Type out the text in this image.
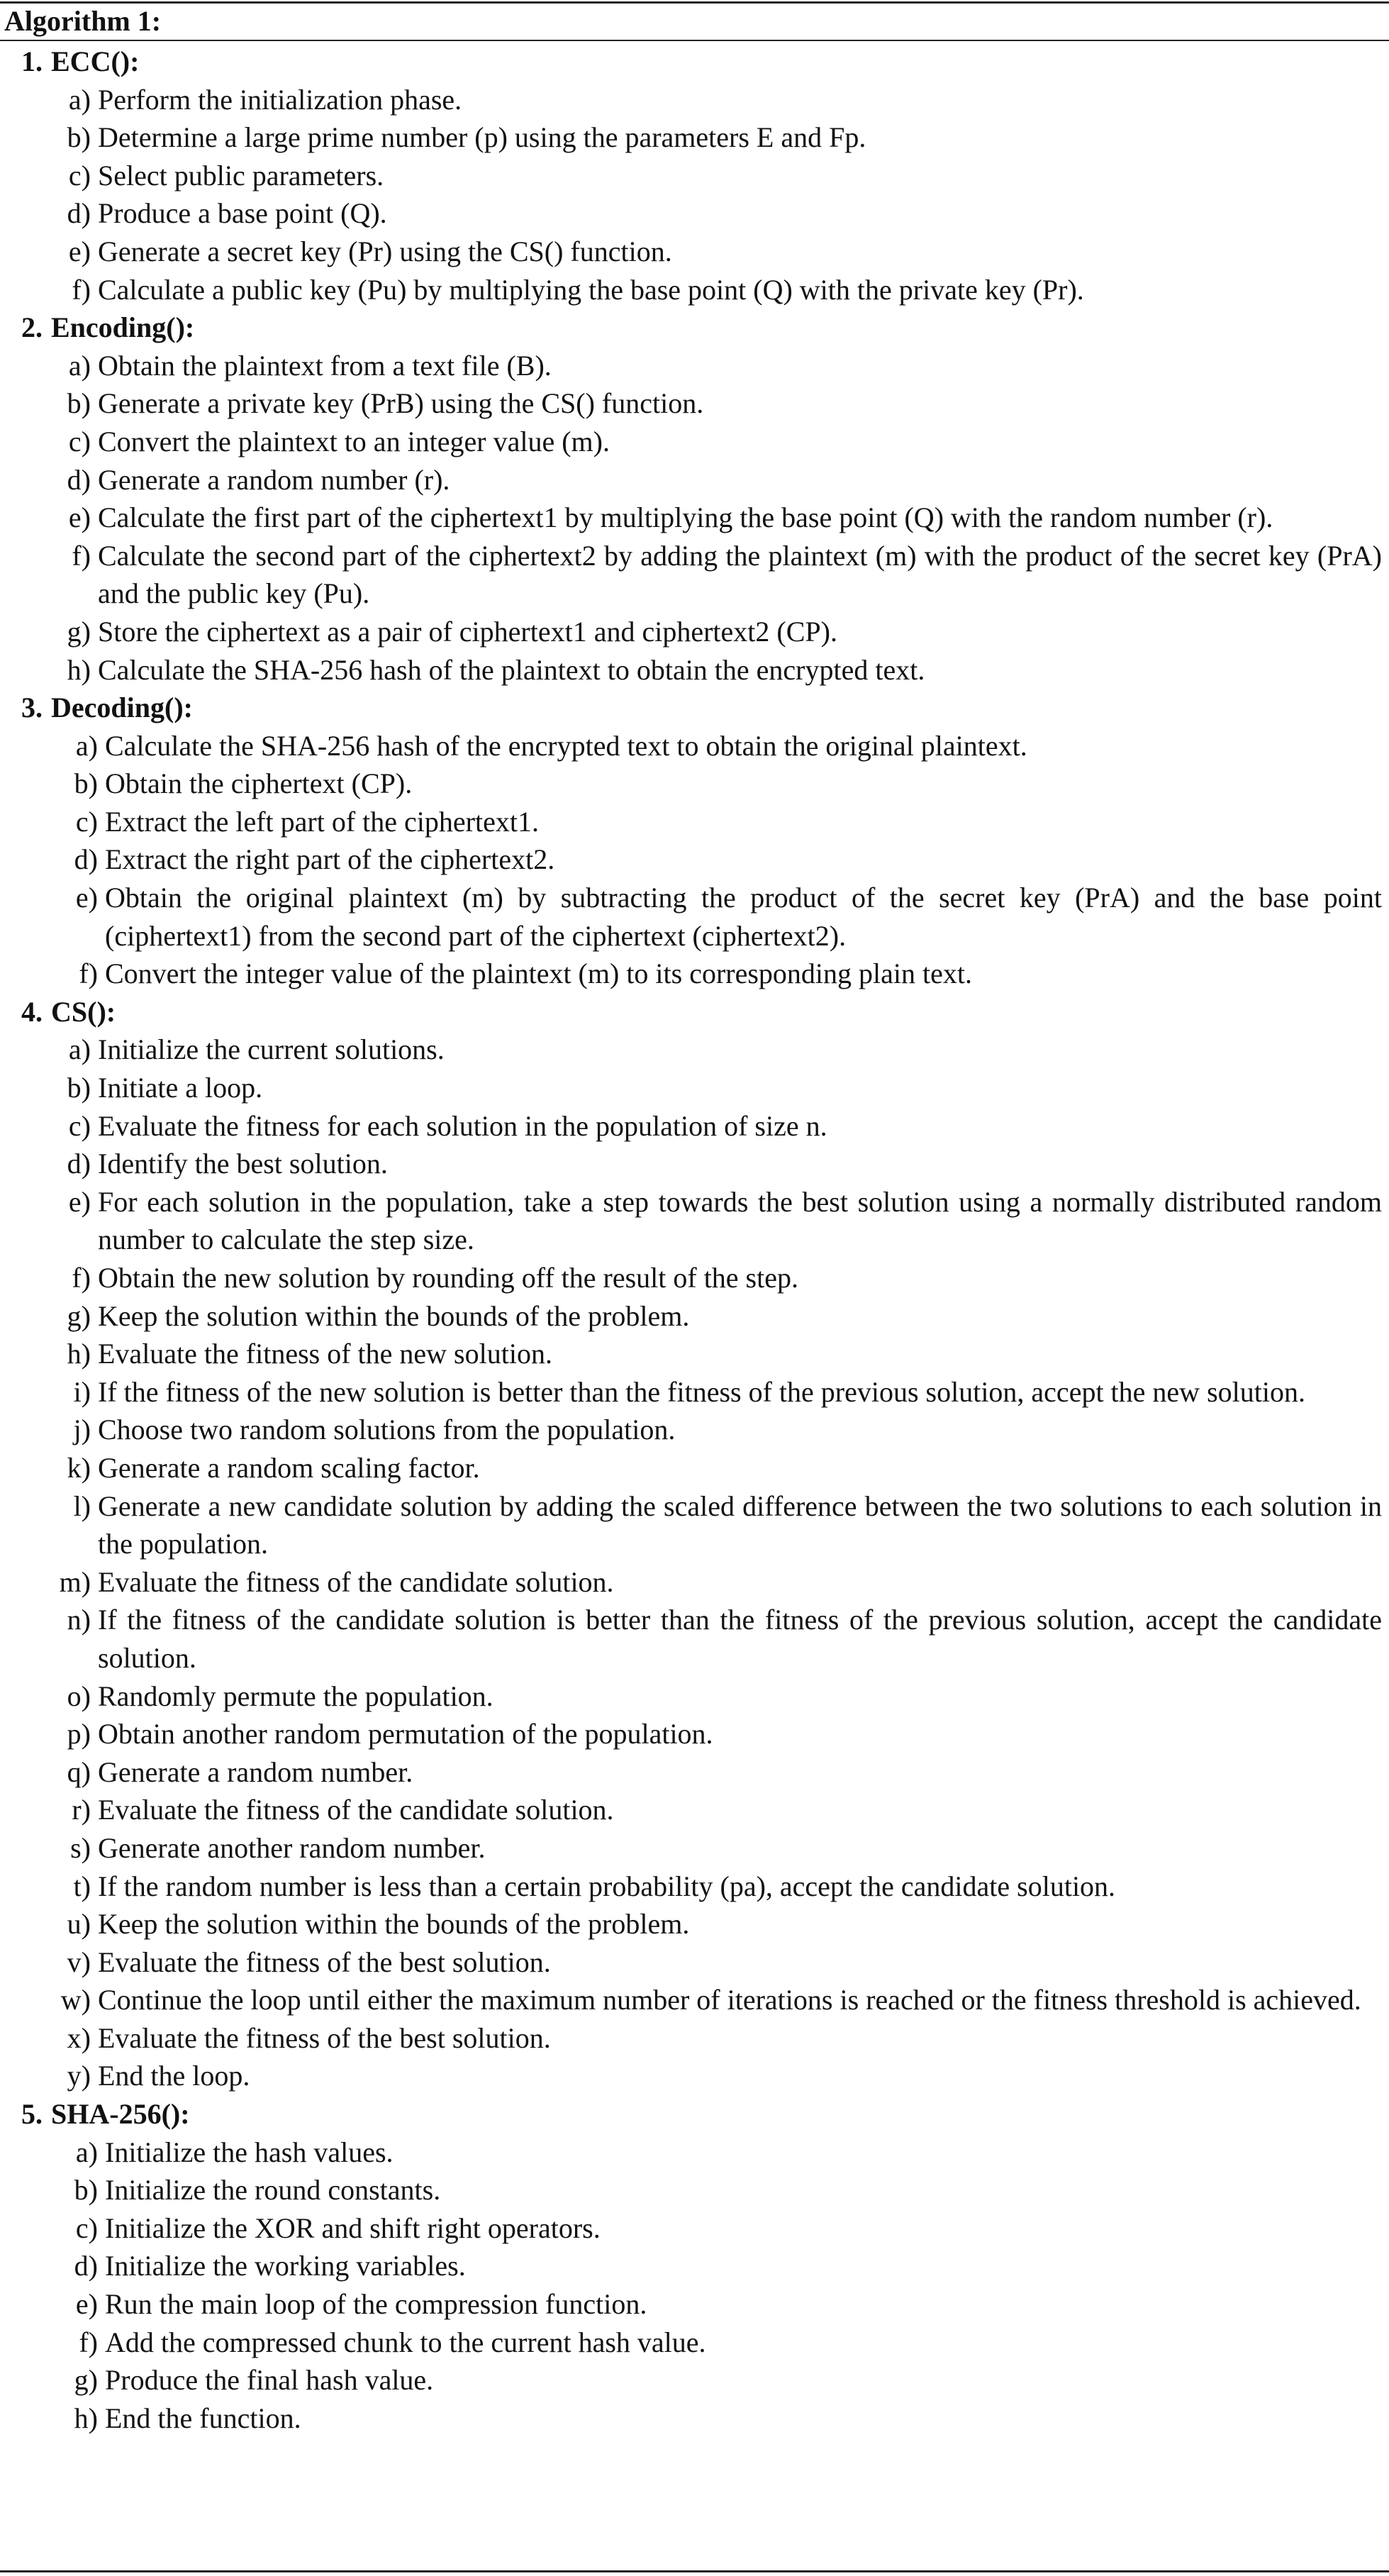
Algorithm 1:
1. ECC():
a) Perform the initialization phase.
b) Determine a large prime number (p) using the parameters E and Fp.
c) Select public parameters.
d) Produce a base point (Q).
e) Generate a secret key (Pr) using the CS() function.
f) Calculate a public key (Pu) by multiplying the base point (Q) with the private key (Pr).
2. Encoding():
a) Obtain the plaintext from a text file (B).
b) Generate a private key (PrB) using the CS() function.
c) Convert the plaintext to an integer value (m).
d) Generate a random number (r).
e) Calculate the first part of the ciphertext1 by multiplying the base point (Q) with the random number (r).
f) Calculate the second part of the ciphertext2 by adding the plaintext (m) with the product of the secret key (PrA) and the public key (Pu).
g) Store the ciphertext as a pair of ciphertext1 and ciphertext2 (CP).
h) Calculate the SHA-256 hash of the plaintext to obtain the encrypted text.
3. Decoding():
a) Calculate the SHA-256 hash of the encrypted text to obtain the original plaintext.
b) Obtain the ciphertext (CP).
c) Extract the left part of the ciphertext1.
d) Extract the right part of the ciphertext2.
e) Obtain the original plaintext (m) by subtracting the product of the secret key (PrA) and the base point (ciphertext1) from the second part of the ciphertext (ciphertext2).
f) Convert the integer value of the plaintext (m) to its corresponding plain text.
4. CS():
a) Initialize the current solutions.
b) Initiate a loop.
c) Evaluate the fitness for each solution in the population of size n.
d) Identify the best solution.
e) For each solution in the population, take a step towards the best solution using a normally distributed random number to calculate the step size.
f) Obtain the new solution by rounding off the result of the step.
g) Keep the solution within the bounds of the problem.
h) Evaluate the fitness of the new solution.
i) If the fitness of the new solution is better than the fitness of the previous solution, accept the new solution.
j) Choose two random solutions from the population.
k) Generate a random scaling factor.
l) Generate a new candidate solution by adding the scaled difference between the two solutions to each solution in the population.
m) Evaluate the fitness of the candidate solution.
n) If the fitness of the candidate solution is better than the fitness of the previous solution, accept the candidate solution.
o) Randomly permute the population.
p) Obtain another random permutation of the population.
q) Generate a random number.
r) Evaluate the fitness of the candidate solution.
s) Generate another random number.
t) If the random number is less than a certain probability (pa), accept the candidate solution.
u) Keep the solution within the bounds of the problem.
v) Evaluate the fitness of the best solution.
w) Continue the loop until either the maximum number of iterations is reached or the fitness threshold is achieved.
x) Evaluate the fitness of the best solution.
y) End the loop.
5. SHA-256():
a) Initialize the hash values.
b) Initialize the round constants.
c) Initialize the XOR and shift right operators.
d) Initialize the working variables.
e) Run the main loop of the compression function.
f) Add the compressed chunk to the current hash value.
g) Produce the final hash value.
h) End the function.
